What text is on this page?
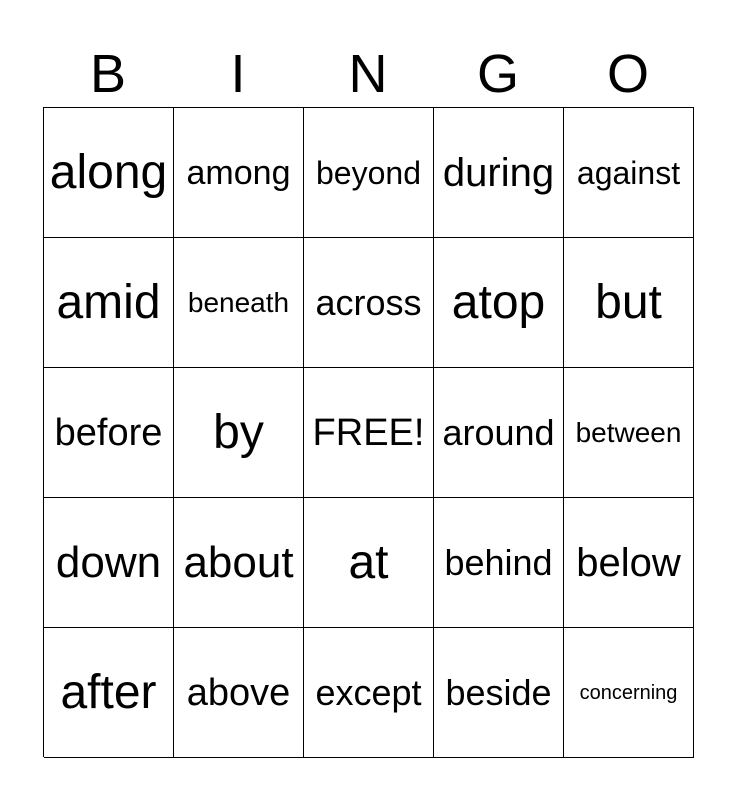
B	I	N	G	O
along among beyond during against
amid beneath across atop	but
before	by	FREE! around between
down about	at	behind below
after above except beside	concerning
